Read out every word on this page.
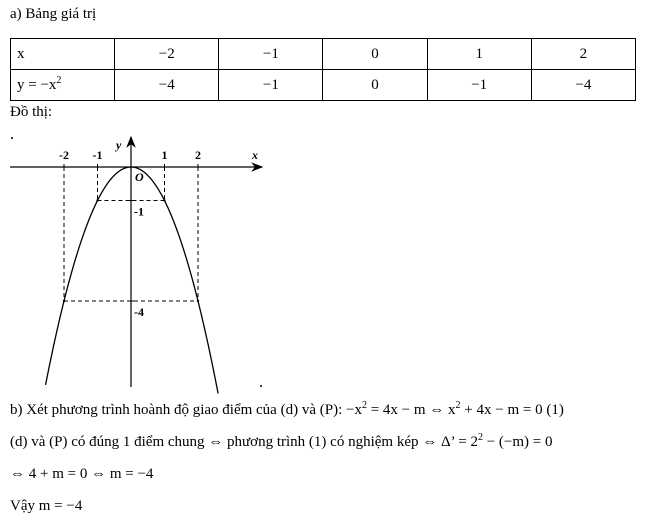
a) Bảng giá trị
x	−2	−1	0	1	2
$y = -x^2$	−4	−1	0	−1	−4
Đồ thị:
-2 -1	1 2
-1
-4
x
y
O
b) Xét phương trình hoành độ giao điểm của (d) và (P): $-x^2 = 4x - m$ ⇔ $x^2 + 4x - m = 0$ (1)
(d) và (P) có đúng 1 điểm chung ⇔ phương trình (1) có nghiệm kép ⇔ Δ’ = $2^2 - (-m) = 0$
⇔ 4 + m = 0 ⇔ m = −4
Vậy m = −4
